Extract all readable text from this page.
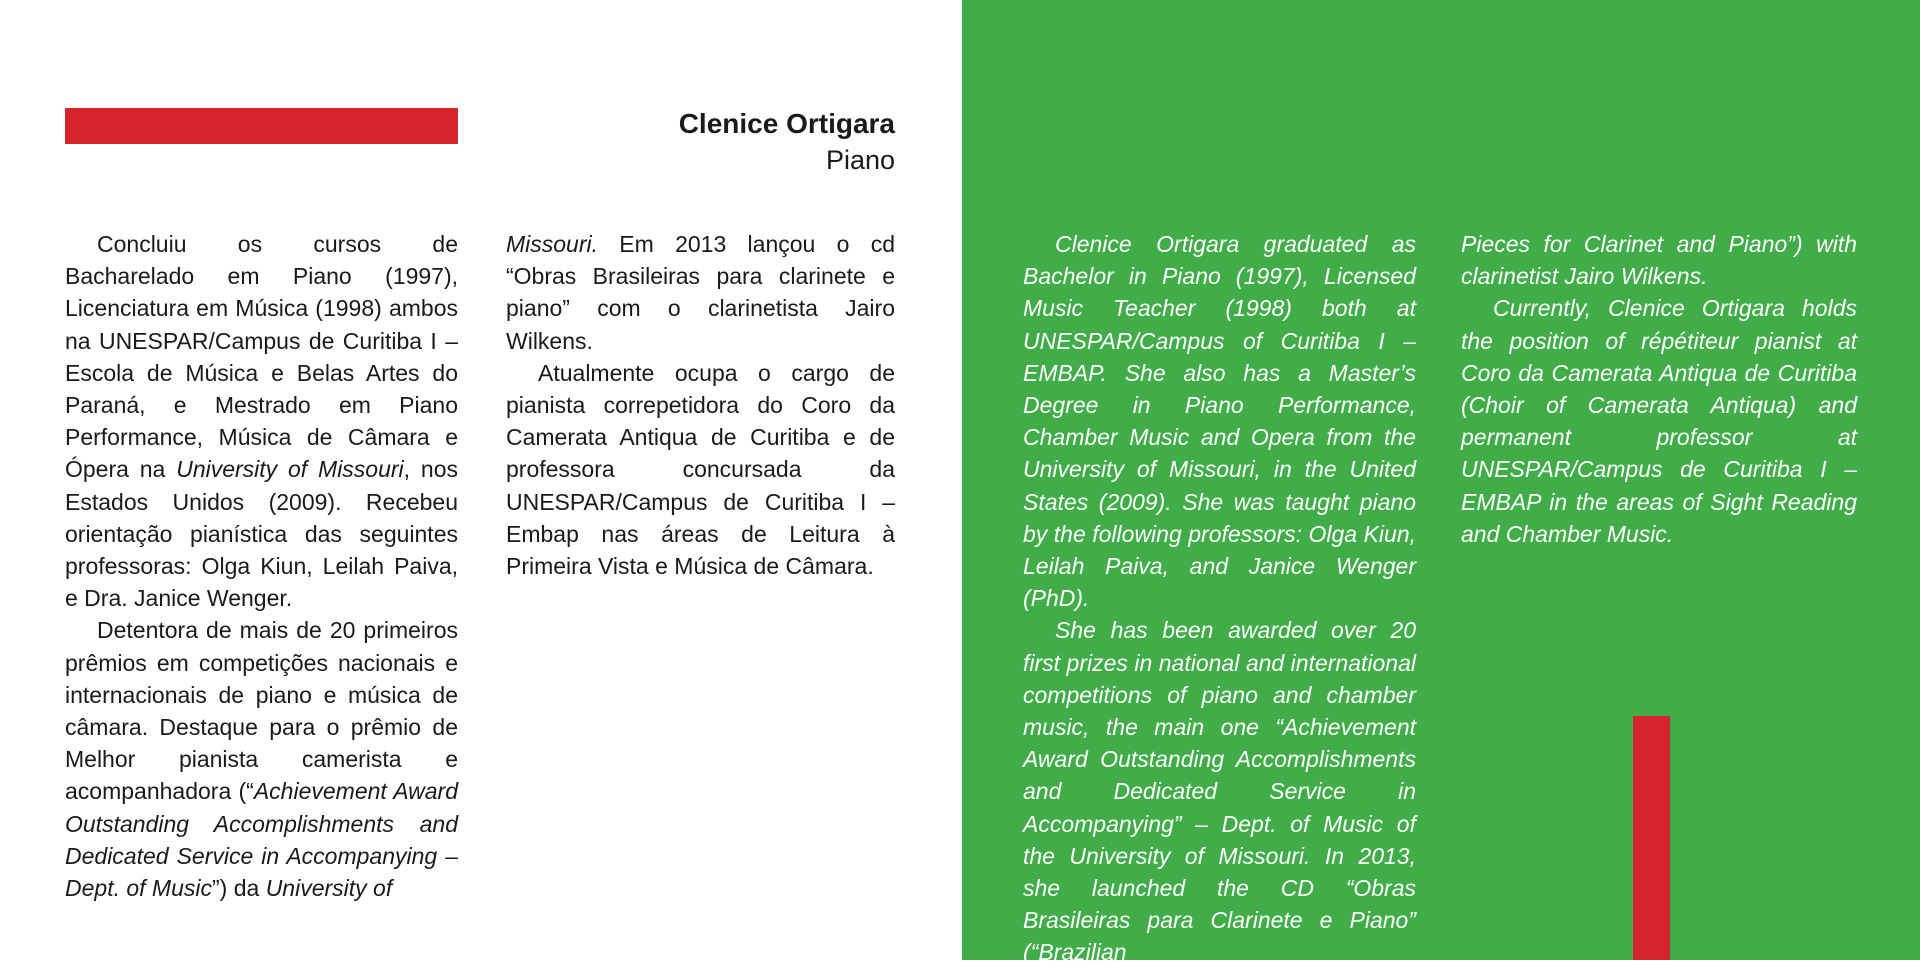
Clenice Ortigara
Piano

Concluiu os cursos de Bacharelado em Piano (1997), Licenciatura em Música (1998) ambos na UNESPAR/Campus de Curitiba I – Escola de Música e Belas Artes do Paraná, e Mestrado em Piano Performance, Música de Câmara e Ópera na University of Missouri, nos Estados Unidos (2009). Recebeu orientação pianística das seguintes professoras: Olga Kiun, Leilah Paiva, e Dra. Janice Wenger.

Detentora de mais de 20 primeiros prêmios em competições nacionais e internacionais de piano e música de câmara. Destaque para o prêmio de Melhor pianista camerista e acompanhadora (“Achievement Award Outstanding Accomplishments and Dedicated Service in Accompanying – Dept. of Music”) da University of

Missouri. Em 2013 lançou o cd “Obras Brasileiras para clarinete e piano” com o clarinetista Jairo Wilkens.

Atualmente ocupa o cargo de pianista correpetidora do Coro da Camerata Antiqua de Curitiba e de professora concursada da UNESPAR/Campus de Curitiba I – Embap nas áreas de Leitura à Primeira Vista e Música de Câmara.

Clenice Ortigara graduated as Bachelor in Piano (1997), Licensed Music Teacher (1998) both at UNESPAR/Campus of Curitiba I – EMBAP. She also has a Master’s Degree in Piano Performance, Chamber Music and Opera from the University of Missouri, in the United States (2009). She was taught piano by the following professors: Olga Kiun, Leilah Paiva, and Janice Wenger (PhD).

She has been awarded over 20 first prizes in national and international competitions of piano and chamber music, the main one “Achievement Award Outstanding Accomplishments and Dedicated Service in Accompanying” – Dept. of Music of the University of Missouri. In 2013, she launched the CD “Obras Brasileiras para Clarinete e Piano” (“Brazilian

Pieces for Clarinet and Piano”) with clarinetist Jairo Wilkens.

Currently, Clenice Ortigara holds the position of répétiteur pianist at Coro da Camerata Antiqua de Curitiba (Choir of Camerata Antiqua) and permanent professor at UNESPAR/Campus de Curitiba I – EMBAP in the areas of Sight Reading and Chamber Music.
